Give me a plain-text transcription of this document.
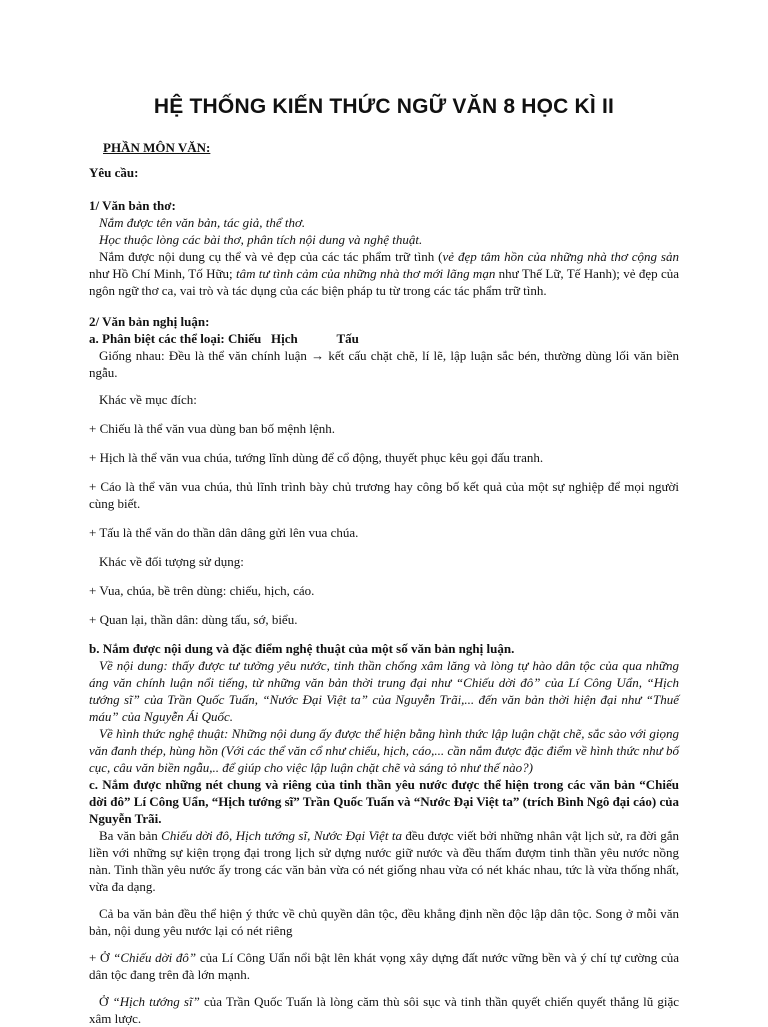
HỆ THỐNG KIẾN THỨC NGỮ VĂN 8 HỌC KÌ II

PHẦN MÔN VĂN:

Yêu cầu:

1/ Văn bản thơ:

Nắm được tên văn bản, tác giả, thể thơ.

Học thuộc lòng các bài thơ, phân tích nội dung và nghệ thuật.

Nắm được nội dung cụ thể và vẻ đẹp của các tác phẩm trữ tình (vẻ đẹp tâm hồn của những nhà thơ cộng sản như Hồ Chí Minh, Tố Hữu; tâm tư tình cảm của những nhà thơ mới lãng mạn như Thế Lữ, Tế Hanh); vẻ đẹp của ngôn ngữ thơ ca, vai trò và tác dụng của các biện pháp tu từ trong các tác phẩm trữ tình.

2/ Văn bản nghị luận:

a. Phân biệt các thể loại: Chiếu   Hịch            Tấu

Giống nhau: Đều là thể văn chính luận → kết cấu chặt chẽ, lí lẽ, lập luận sắc bén, thường dùng lối văn biền ngẫu.

Khác về mục đích:

+ Chiếu là thể văn vua dùng ban bố mệnh lệnh.

+ Hịch là thể văn vua chúa, tướng lĩnh dùng để cổ động, thuyết phục kêu gọi đấu tranh.

+ Cáo là thể văn vua chúa, thủ lĩnh trình bày chủ trương hay công bố kết quả của một sự nghiệp để mọi người cùng biết.

+ Tấu là thể văn do thần dân dâng gửi lên vua chúa.

Khác về đối tượng sử dụng:

+ Vua, chúa, bề trên dùng: chiếu, hịch, cáo.

+ Quan lại, thần dân: dùng tấu, sớ, biểu.

b. Nắm được nội dung và đặc điểm nghệ thuật của một số văn bản nghị luận.

Về nội dung: thấy được tư tưởng yêu nước, tinh thần chống xâm lăng và lòng tự hào dân tộc của qua những áng văn chính luận nổi tiếng, từ những văn bản thời trung đại như “Chiếu dời đô” của Lí Công Uẩn, “Hịch tướng sĩ” của Trần Quốc Tuấn, “Nước Đại Việt ta” của Nguyễn Trãi,... đến văn bản thời hiện đại như “Thuế máu” của Nguyễn Ái Quốc.

Về hình thức nghệ thuật: Những nội dung ấy được thể hiện bằng hình thức lập luận chặt chẽ, sắc sảo với giọng văn đanh thép, hùng hồn (Với các thể văn cổ như chiếu, hịch, cáo,... cần nắm được đặc điểm về hình thức như bố cục, câu văn biền ngẫu,.. để giúp cho việc lập luận chặt chẽ và sáng tỏ như thế nào?)

c. Nắm được những nét chung và riêng của tinh thần yêu nước được thể hiện trong các văn bản “Chiếu dời đô” Lí Công Uẩn, “Hịch tướng sĩ” Trần Quốc Tuấn và “Nước Đại Việt ta” (trích Bình Ngô đại cáo) của Nguyễn Trãi.

Ba văn bản Chiếu dời đô, Hịch tướng sĩ, Nước Đại Việt ta đều được viết bởi những nhân vật lịch sử, ra đời gắn liền với những sự kiện trọng đại trong lịch sử dựng nước giữ nước và đều thấm đượm tinh thần yêu nước nồng nàn. Tinh thần yêu nước ấy trong các văn bản vừa có nét giống nhau vừa có nét khác nhau, tức là vừa thống nhất, vừa đa dạng.

Cả ba văn bản đều thể hiện ý thức về chủ quyền dân tộc, đều khẳng định nền độc lập dân tộc. Song ở mỗi văn bản, nội dung yêu nước lại có nét riêng

+ Ở “Chiếu dời đô” của Lí Công Uẩn nổi bật lên khát vọng xây dựng đất nước vững bền và ý chí tự cường của dân tộc đang trên đà lớn mạnh.

Ở “Hịch tướng sĩ” của Trần Quốc Tuấn là lòng căm thù sôi sục và tinh thần quyết chiến quyết thắng lũ giặc xâm lược.
